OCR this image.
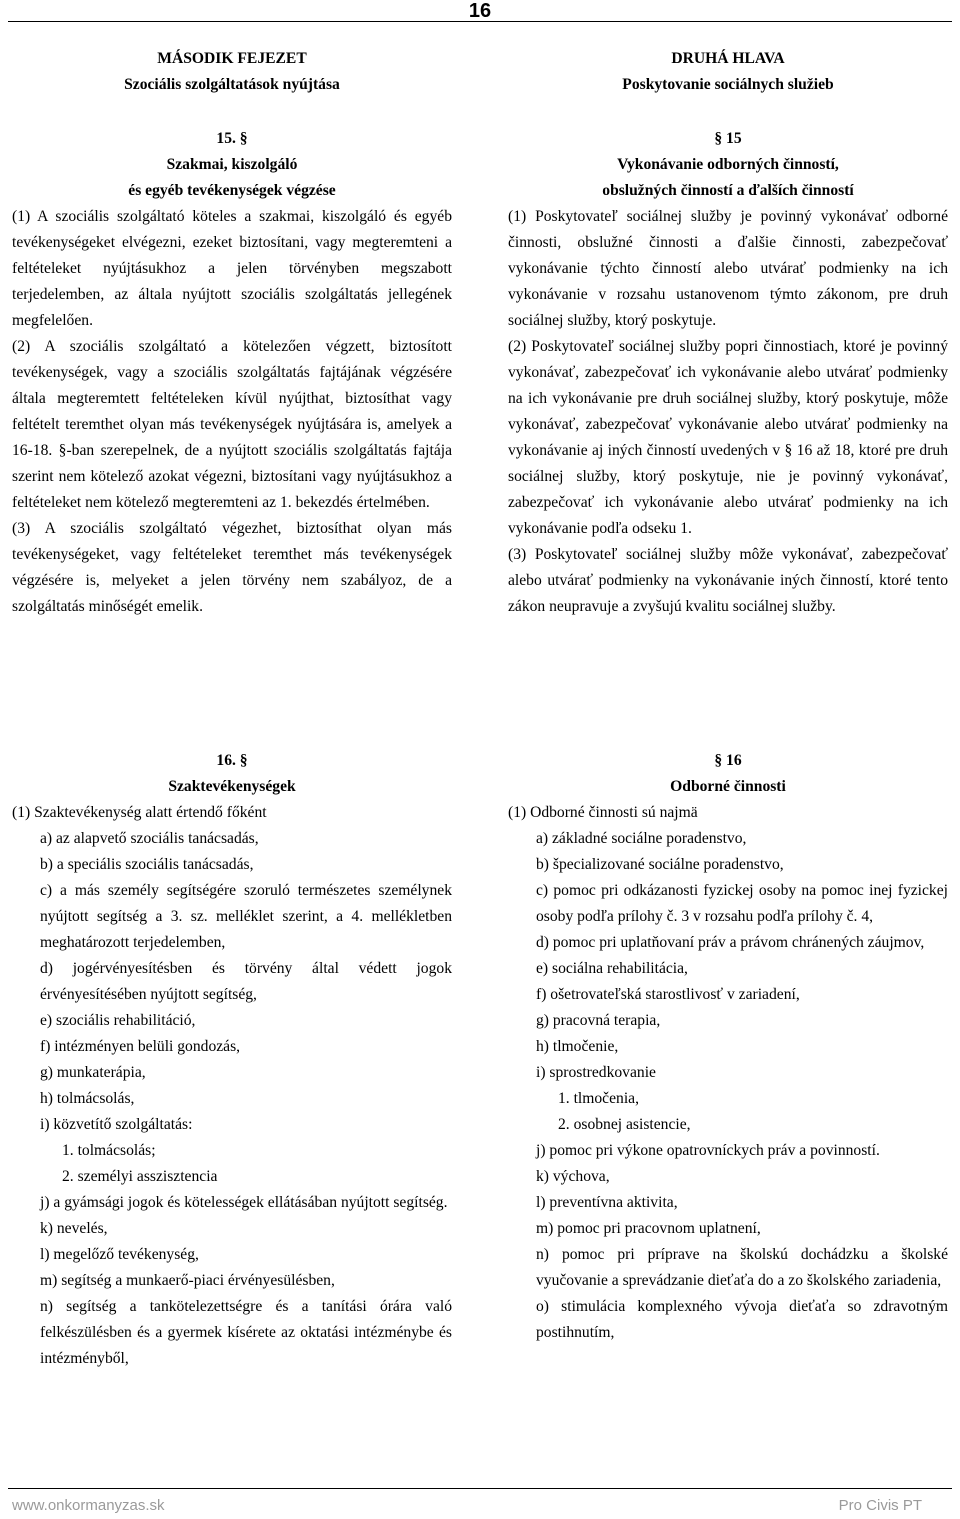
16
MÁSODIK FEJEZET
Szociális szolgáltatások nyújtása
15. §
Szakmai, kiszolgáló
és egyéb tevékenységek végzése
(1) A szociális szolgáltató köteles a szakmai, kiszolgáló és egyéb tevékenységeket elvégezni, ezeket biztosítani, vagy megteremteni a feltételeket nyújtásukhoz a jelen törvényben megszabott terjedelemben, az általa nyújtott szociális szolgáltatás jellegének megfelelően.
(2) A szociális szolgáltató a kötelezően végzett, biztosított tevékenységek, vagy a szociális szolgáltatás fajtájának végzésére általa megteremtett feltételeken kívül nyújthat, biztosíthat vagy feltételt teremthet olyan más tevékenységek nyújtására is, amelyek a 16-18. §-ban szerepelnek, de a nyújtott szociális szolgáltatás fajtája szerint nem kötelező azokat végezni, biztosítani vagy nyújtásukhoz a feltételeket nem kötelező megteremteni az 1. bekezdés értelmében.
(3) A szociális szolgáltató végezhet, biztosíthat olyan más tevékenységeket, vagy feltételeket teremthet más tevékenységek végzésére is, melyeket a jelen törvény nem szabályoz, de a szolgáltatás minőségét emelik.
16. §
Szaktevékenységek
(1) Szaktevékenység alatt értendő főként
a) az alapvető szociális tanácsadás,
b) a speciális szociális tanácsadás,
c) a más személy segítségére szoruló természetes személynek nyújtott segítség a 3. sz. melléklet szerint, a 4. mellékletben meghatározott terjedelemben,
d) jogérvényesítésben és törvény által védett jogok érvényesítésében nyújtott segítség,
e) szociális rehabilitáció,
f) intézményen belüli gondozás,
g) munkaterápia,
h) tolmácsolás,
i) közvetítő szolgáltatás:
1. tolmácsolás;
2. személyi asszisztencia
j) a gyámsági jogok és kötelességek ellátásában nyújtott segítség.
k) nevelés,
l) megelőző tevékenység,
m) segítség a munkaerő-piaci érvényesülésben,
n) segítség a tankötelezettségre és a tanítási órára való felkészülésben és a gyermek kísérete az oktatási intézménybe és intézményből,
DRUHÁ HLAVA
Poskytovanie sociálnych služieb
§ 15
Vykonávanie odborných činností,
obslužných činností a ďalších činností
(1) Poskytovateľ sociálnej služby je povinný vykonávať odborné činnosti, obslužné činnosti a ďalšie činnosti, zabezpečovať vykonávanie týchto činností alebo utvárať podmienky na ich vykonávanie v rozsahu ustanovenom týmto zákonom, pre druh sociálnej služby, ktorý poskytuje.
(2) Poskytovateľ sociálnej služby popri činnostiach, ktoré je povinný vykonávať, zabezpečovať ich vykonávanie alebo utvárať podmienky na ich vykonávanie pre druh sociálnej služby, ktorý poskytuje, môže vykonávať, zabezpečovať vykonávanie alebo utvárať podmienky na vykonávanie aj iných činností uvedených v § 16 až 18, ktoré pre druh sociálnej služby, ktorý poskytuje, nie je povinný vykonávať, zabezpečovať ich vykonávanie alebo utvárať podmienky na ich vykonávanie podľa odseku 1.
(3) Poskytovateľ sociálnej služby môže vykonávať, zabezpečovať alebo utvárať podmienky na vykonávanie iných činností, ktoré tento zákon neupravuje a zvyšujú kvalitu sociálnej služby.
§ 16
Odborné činnosti
(1) Odborné činnosti sú najmä
a) základné sociálne poradenstvo,
b) špecializované sociálne poradenstvo,
c) pomoc pri odkázanosti fyzickej osoby na pomoc inej fyzickej osoby podľa prílohy č. 3 v rozsahu podľa prílohy č. 4,
d) pomoc pri uplatňovaní práv a právom chránených záujmov,
e) sociálna rehabilitácia,
f) ošetrovateľská starostlivosť v zariadení,
g) pracovná terapia,
h) tlmočenie,
i) sprostredkovanie
1. tlmočenia,
2. osobnej asistencie,
j) pomoc pri výkone opatrovníckych práv a povinností.
k) výchova,
l) preventívna aktivita,
m) pomoc pri pracovnom uplatnení,
n) pomoc pri príprave na školskú dochádzku a školské vyučovanie a sprevádzanie dieťaťa do a zo školského zariadenia,
o) stimulácia komplexného vývoja dieťaťa so zdravotným postihnutím,
www.onkormanyzas.sk	Pro Civis PT
